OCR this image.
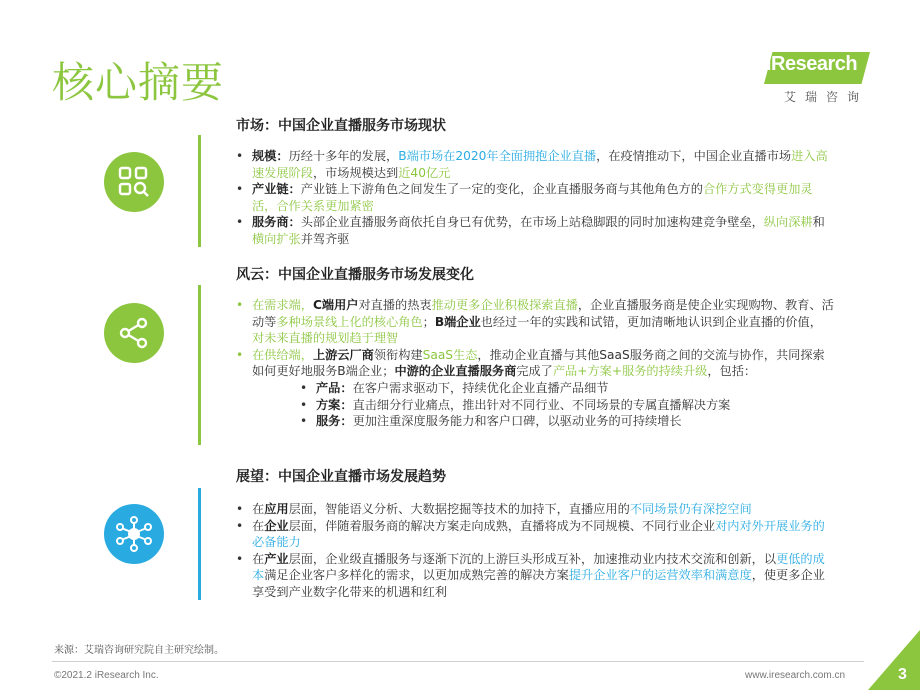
核心摘要	iResearch
艾瑞咨询
市场：中国企业直播服务市场现状
• 规模：历经十多年的发展，B端市场在2020年全面拥抱企业直播，在疫情推动下，中国企业直播市场进入高速发展阶段，市场规模达到近40亿元
• 产业链：产业链上下游角色之间发生了一定的变化，企业直播服务商与其他角色方的合作方式变得更加灵活，合作关系更加紧密
• 服务商：头部企业直播服务商依托自身已有优势，在市场上站稳脚跟的同时加速构建竞争壁垒，纵向深耕和横向扩张并驾齐驱
风云：中国企业直播服务市场发展变化
• 在需求端，C端用户对直播的热衷推动更多企业积极探索直播，企业直播服务商是使企业实现购物、教育、活动等多种场景线上化的核心角色；B端企业也经过一年的实践和试错，更加清晰地认识到企业直播的价值，对未来直播的规划趋于理智
• 在供给端，上游云厂商领衔构建SaaS生态，推动企业直播与其他SaaS服务商之间的交流与协作，共同探索如何更好地服务B端企业；中游的企业直播服务商完成了产品+方案+服务的持续升级，包括：
• 产品：在客户需求驱动下，持续优化企业直播产品细节
• 方案：直击细分行业痛点，推出针对不同行业、不同场景的专属直播解决方案
• 服务：更加注重深度服务能力和客户口碑，以驱动业务的可持续增长
展望：中国企业直播市场发展趋势
• 在应用层面，智能语义分析、大数据挖掘等技术的加持下，直播应用的不同场景仍有深挖空间
• 在企业层面，伴随着服务商的解决方案走向成熟，直播将成为不同规模、不同行业企业对内对外开展业务的必备能力
• 在产业层面，企业级直播服务与逐渐下沉的上游巨头形成互补，加速推动业内技术交流和创新，以更低的成本满足企业客户多样化的需求，以更加成熟完善的解决方案提升企业客户的运营效率和满意度，使更多企业享受到产业数字化带来的机遇和红利
来源：艾瑞咨询研究院自主研究绘制。
©2021.2 iResearch Inc.	www.iresearch.com.cn	3
